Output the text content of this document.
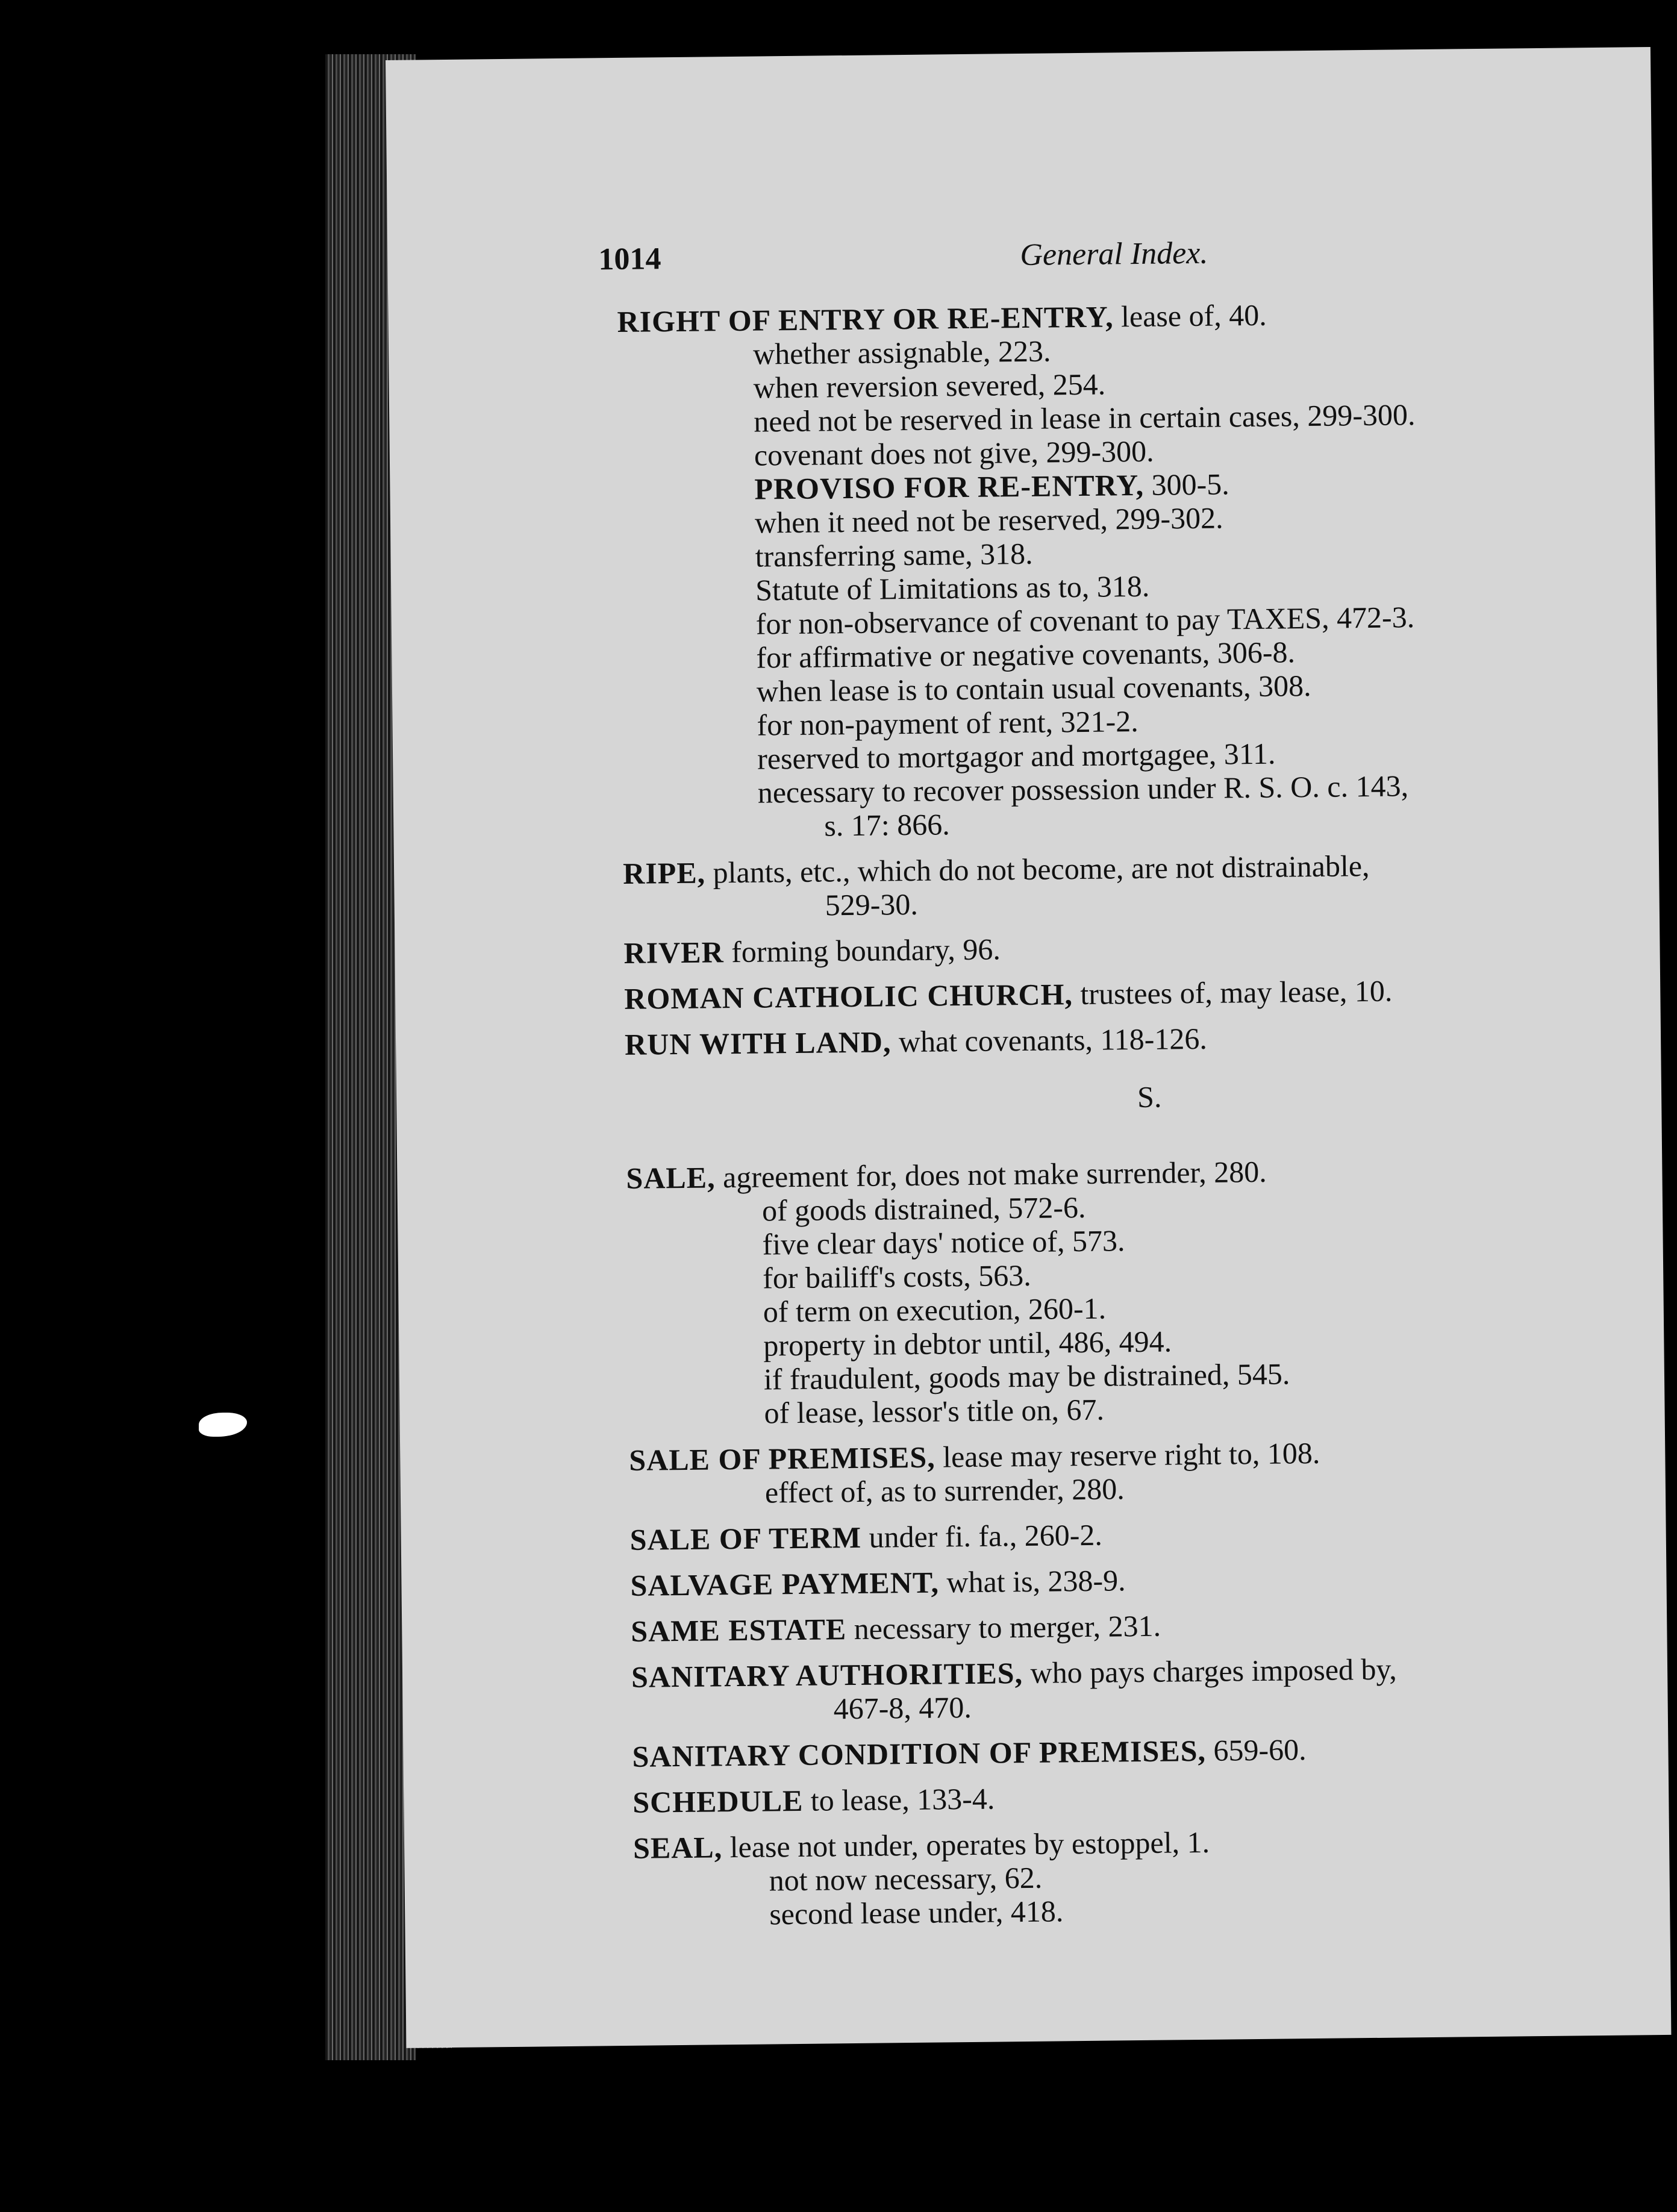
1014	General Index.
RIGHT OF ENTRY OR RE-ENTRY, lease of, 40.
whether assignable, 223.
when reversion severed, 254.
need not be reserved in lease in certain cases, 299-300.
covenant does not give, 299-300.
PROVISO FOR RE-ENTRY, 300-5.
when it need not be reserved, 299-302.
transferring same, 318.
Statute of Limitations as to, 318.
for non-observance of covenant to pay TAXES, 472-3.
for affirmative or negative covenants, 306-8.
when lease is to contain usual covenants, 308.
for non-payment of rent, 321-2.
reserved to mortgagor and mortgagee, 311.
necessary to recover possession under R. S. O. c. 143,
s. 17: 866.
RIPE, plants, etc., which do not become, are not distrainable,
529-30.
RIVER forming boundary, 96.
ROMAN CATHOLIC CHURCH, trustees of, may lease, 10.
RUN WITH LAND, what covenants, 118-126.
S.
SALE, agreement for, does not make surrender, 280.
of goods distrained, 572-6.
five clear days' notice of, 573.
for bailiff's costs, 563.
of term on execution, 260-1.
property in debtor until, 486, 494.
if fraudulent, goods may be distrained, 545.
of lease, lessor's title on, 67.
SALE OF PREMISES, lease may reserve right to, 108.
effect of, as to surrender, 280.
SALE OF TERM under fi. fa., 260-2.
SALVAGE PAYMENT, what is, 238-9.
SAME ESTATE necessary to merger, 231.
SANITARY AUTHORITIES, who pays charges imposed by,
467-8, 470.
SANITARY CONDITION OF PREMISES, 659-60.
SCHEDULE to lease, 133-4.
SEAL, lease not under, operates by estoppel, 1.
not now necessary, 62.
second lease under, 418.
